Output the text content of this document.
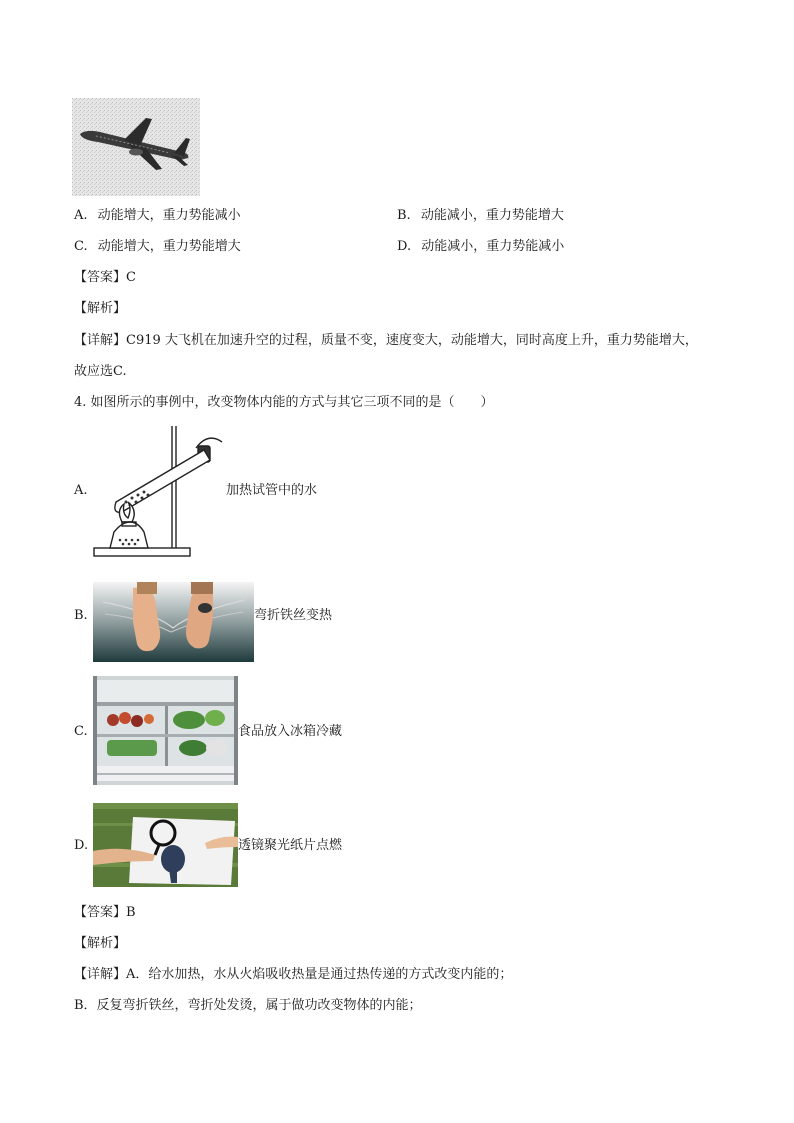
A. 动能增大，重力势能减小	B. 动能减小，重力势能增大
C. 动能增大，重力势能增大	D. 动能减小，重力势能减小
【答案】C
【解析】
【详解】C919 大飞机在加速升空的过程，质量不变，速度变大，动能增大，同时高度上升，重力势能增大，
故应选C.
4. 如图所示的事例中，改变物体内能的方式与其它三项不同的是（　　）
A.	加热试管中的水
B.	弯折铁丝变热
C.	食品放入冰箱冷藏
D.	透镜聚光纸片点燃
【答案】B
【解析】
【详解】A．给水加热，水从火焰吸收热量是通过热传递的方式改变内能的；
B．反复弯折铁丝，弯折处发烫，属于做功改变物体的内能；
